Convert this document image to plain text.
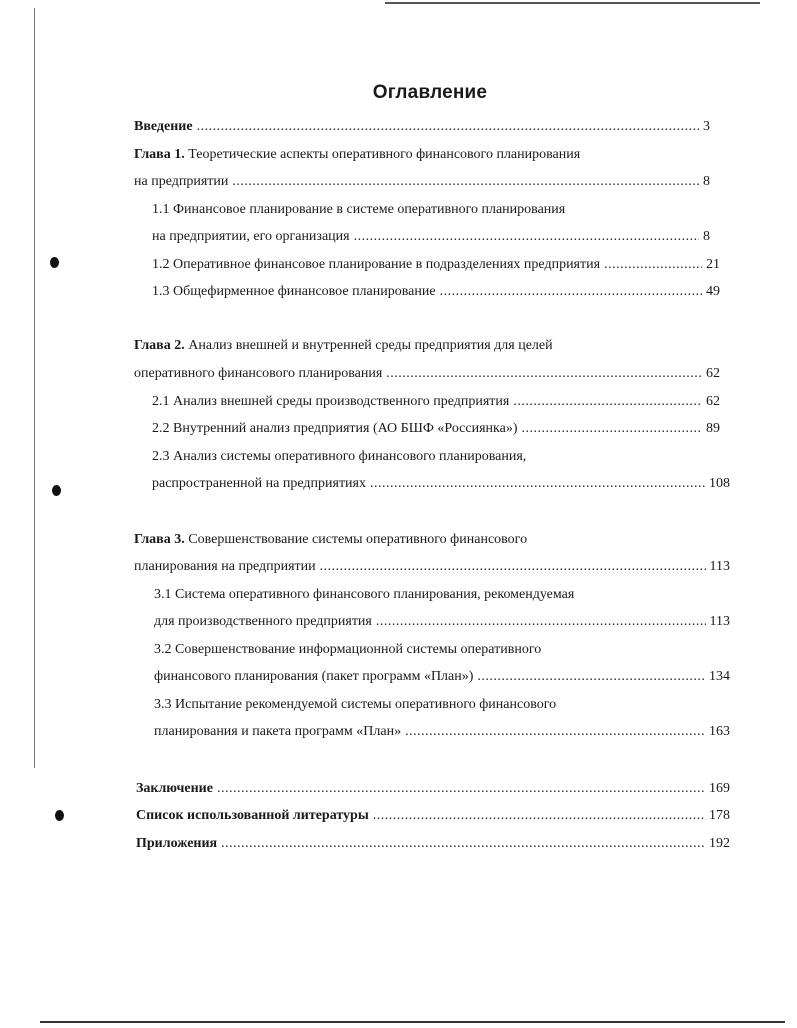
Оглавление
Введение .....	3
Глава 1. Теоретические аспекты оперативного финансового планирования
на предприятии .....	8
1.1 Финансовое планирование в системе оперативного планирования
на предприятии, его организация .....	8
1.2 Оперативное финансовое планирование в подразделениях предприятия .....	21
1.3 Общефирменное финансовое планирование .....	49
Глава 2. Анализ внешней и внутренней среды предприятия для целей
оперативного финансового планирования .....	62
2.1 Анализ внешней среды производственного предприятия .....	62
2.2 Внутренний анализ предприятия (АО БШФ «Россиянка») .....	89
2.3 Анализ системы оперативного финансового планирования,
распространенной на предприятиях .....	108
Глава 3. Совершенствование системы оперативного финансового
планирования на предприятии .....	113
3.1 Система оперативного финансового планирования, рекомендуемая
для производственного предприятия .....	113
3.2 Совершенствование информационной системы оперативного
финансового планирования (пакет программ «План») .....	134
3.3 Испытание рекомендуемой системы оперативного финансового
планирования и пакета программ «План» .....	163
Заключение .....	169
Список использованной литературы .....	178
Приложения .....	192
